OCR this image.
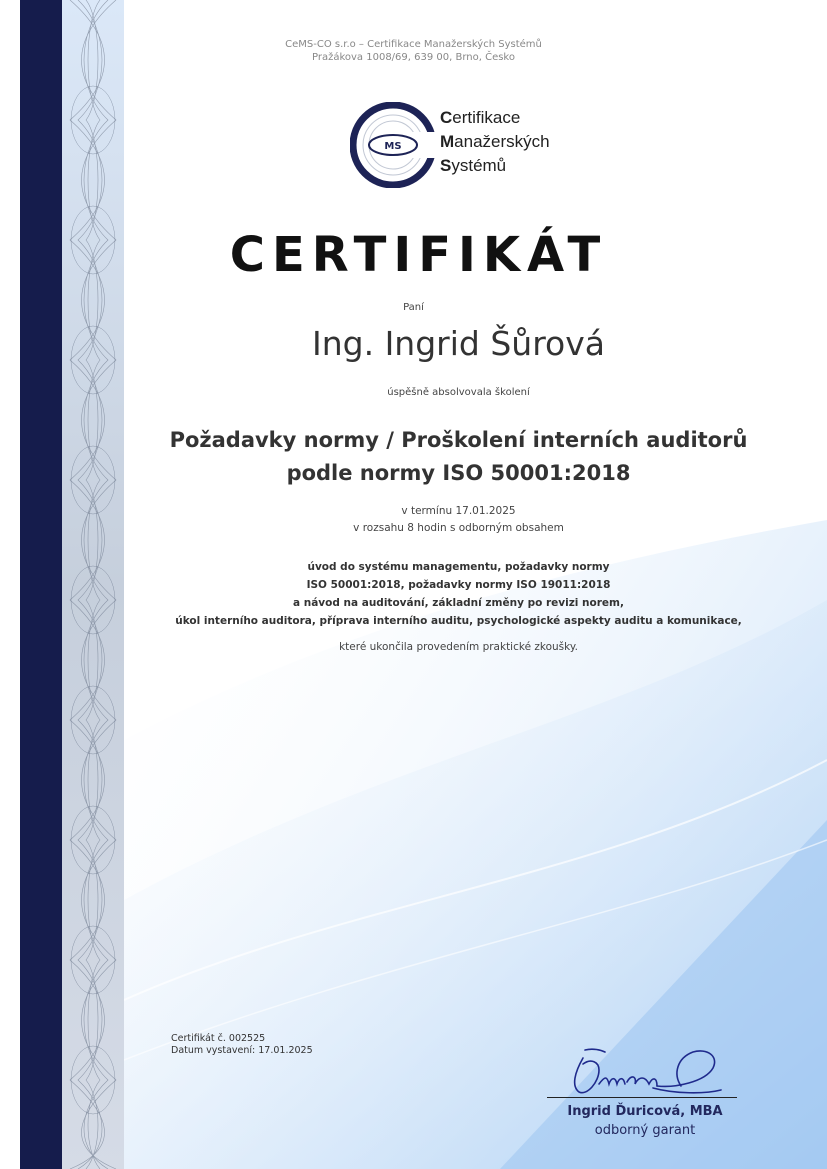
CeMS-CO s.r.o – Certifikace Manažerských Systémů
Pražákova 1008/69, 639 00, Brno, Česko
MS
Certifikace
Manažerských
Systémů
CERTIFIKÁT
Paní
Ing. Ingrid Šůrová
úspěšně absolvovala školení
Požadavky normy / Proškolení interních auditorů
podle normy ISO 50001:2018
v termínu 17.01.2025
v rozsahu 8 hodin s odborným obsahem
úvod do systému managementu, požadavky normy
ISO 50001:2018, požadavky normy ISO 19011:2018
a návod na auditování, základní změny po revizi norem,
úkol interního auditora, příprava interního auditu, psychologické aspekty auditu a komunikace,
které ukončila provedením praktické zkoušky.
Certifikát č. 002525
Datum vystavení: 17.01.2025
Ingrid Ďuricová, MBA
odborný garant
